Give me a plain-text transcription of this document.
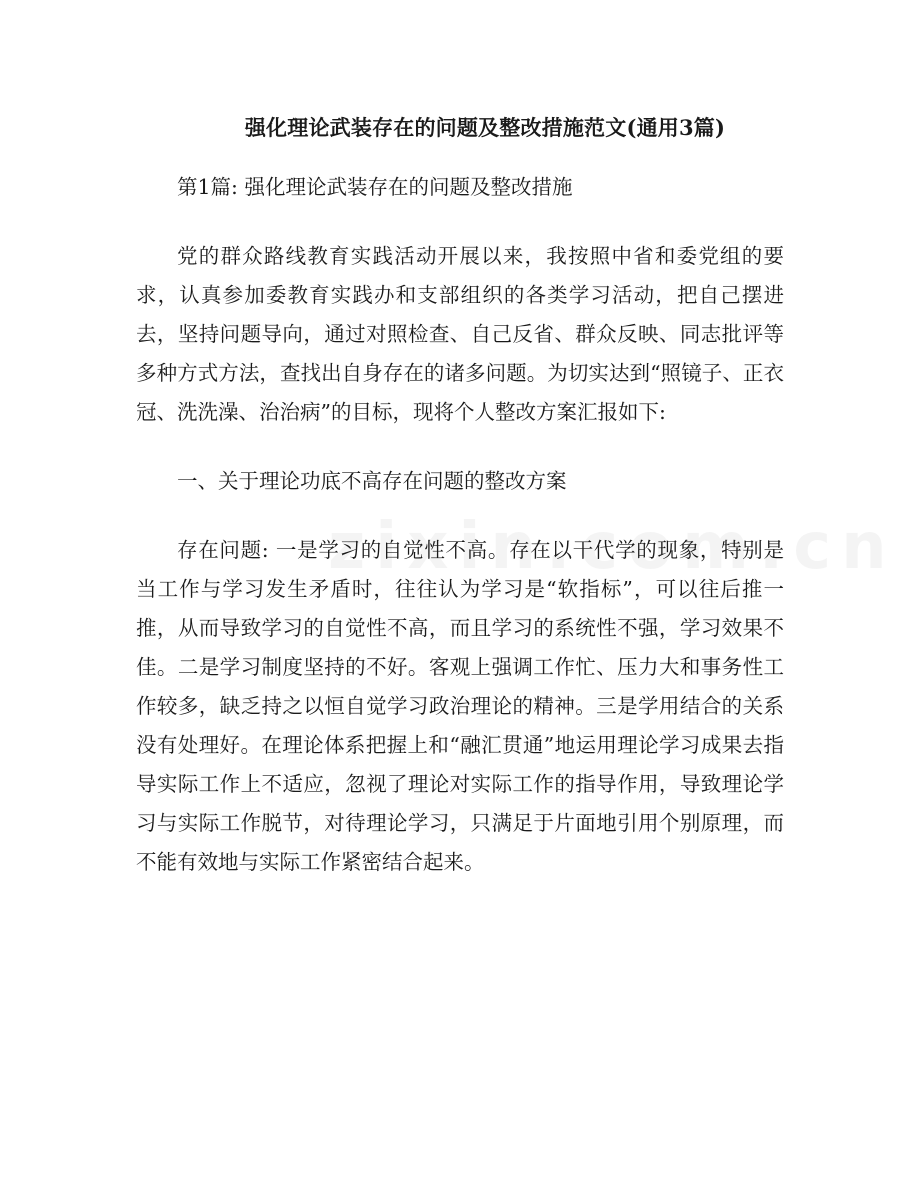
强化理论武装存在的问题及整改措施范文(通用3篇)

第1篇: 强化理论武装存在的问题及整改措施

党的群众路线教育实践活动开展以来，我按照中省和委党组的要求，认真参加委教育实践办和支部组织的各类学习活动，把自己摆进去，坚持问题导向，通过对照检查、自己反省、群众反映、同志批评等多种方式方法，查找出自身存在的诸多问题。为切实达到“照镜子、正衣冠、洗洗澡、治治病”的目标，现将个人整改方案汇报如下:

一、关于理论功底不高存在问题的整改方案

存在问题: 一是学习的自觉性不高。存在以干代学的现象，特别是当工作与学习发生矛盾时，往往认为学习是“软指标”，可以往后推一推，从而导致学习的自觉性不高，而且学习的系统性不强，学习效果不佳。二是学习制度坚持的不好。客观上强调工作忙、压力大和事务性工作较多，缺乏持之以恒自觉学习政治理论的精神。三是学用结合的关系没有处理好。在理论体系把握上和“融汇贯通”地运用理论学习成果去指导实际工作上不适应，忽视了理论对实际工作的指导作用，导致理论学习与实际工作脱节，对待理论学习，只满足于片面地引用个别原理，而不能有效地与实际工作紧密结合起来。
